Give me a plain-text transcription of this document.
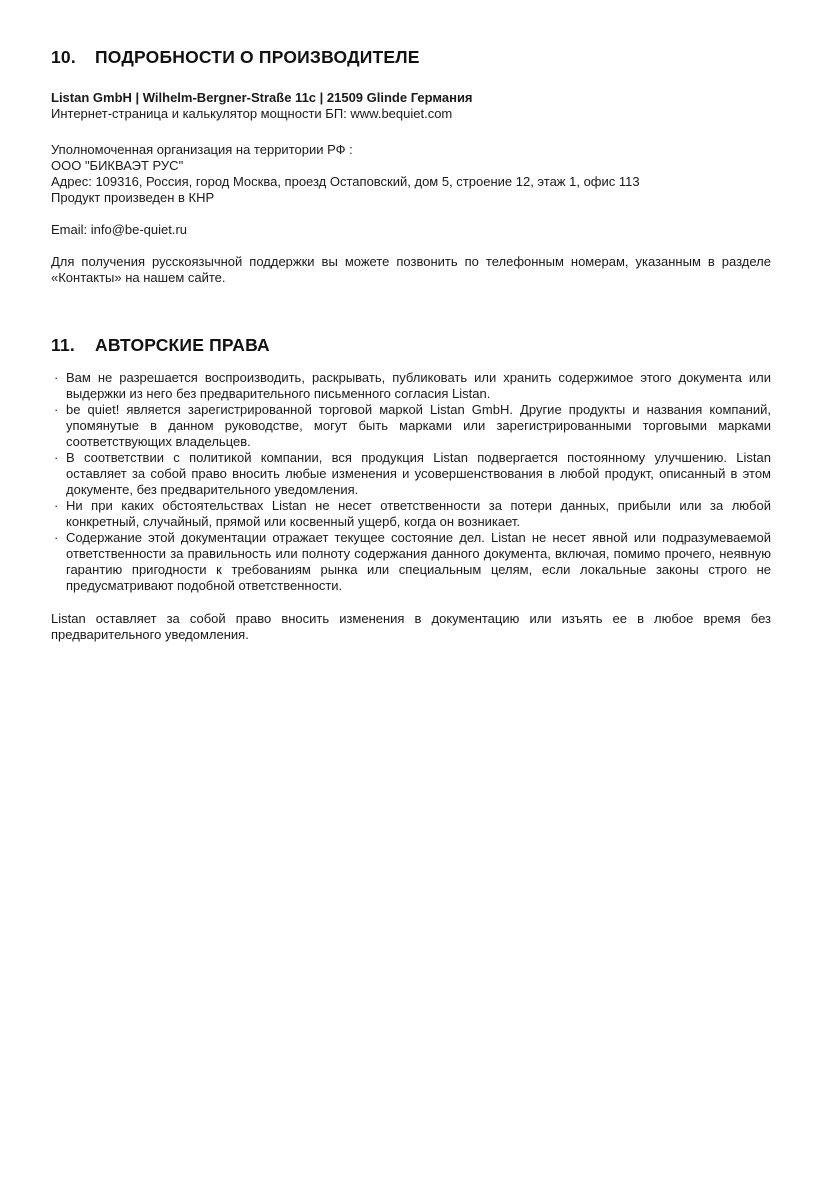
10.	ПОДРОБНОСТИ О ПРОИЗВОДИТЕЛЕ
Listan GmbH | Wilhelm-Bergner-Straße 11c | 21509 Glinde Германия
Интернет-страница и калькулятор мощности БП: www.bequiet.com
Уполномоченная организация на территории РФ :
ООО "БИКВАЭТ РУС"
Адрес: 109316, Россия, город Москва, проезд Остаповский, дом 5, строение 12, этаж 1, офис 113
Продукт произведен в КНР
Email: info@be-quiet.ru

Для получения русскоязычной поддержки вы можете позвонить по телефонным номерам, указанным в разделе «Контакты» на нашем сайте.

11.	АВТОРСКИЕ ПРАВА
· Вам не разрешается воспроизводить, раскрывать, публиковать или хранить содержимое этого документа или выдержки из него без предварительного письменного согласия Listan.
· be quiet! является зарегистрированной торговой маркой Listan GmbH. Другие продукты и названия компаний, упомянутые в данном руководстве, могут быть марками или зарегистрированными торговыми марками соответствующих владельцев.
· В соответствии с политикой компании, вся продукция Listan подвергается постоянному улучшению. Listan оставляет за собой право вносить любые изменения и усовершенствования в любой продукт, описанный в этом документе, без предварительного уведомления.
· Ни при каких обстоятельствах Listan не несет ответственности за потери данных, прибыли или за любой конкретный, случайный, прямой или косвенный ущерб, когда он возникает.
· Содержание этой документации отражает текущее состояние дел. Listan не несет явной или подразумеваемой ответственности за правильность или полноту содержания данного документа, включая, помимо прочего, неявную гарантию пригодности к требованиям рынка или специальным целям, если локальные законы строго не предусматривают подобной ответственности.

Listan оставляет за собой право вносить изменения в документацию или изъять ее в любое время без предварительного уведомления.
